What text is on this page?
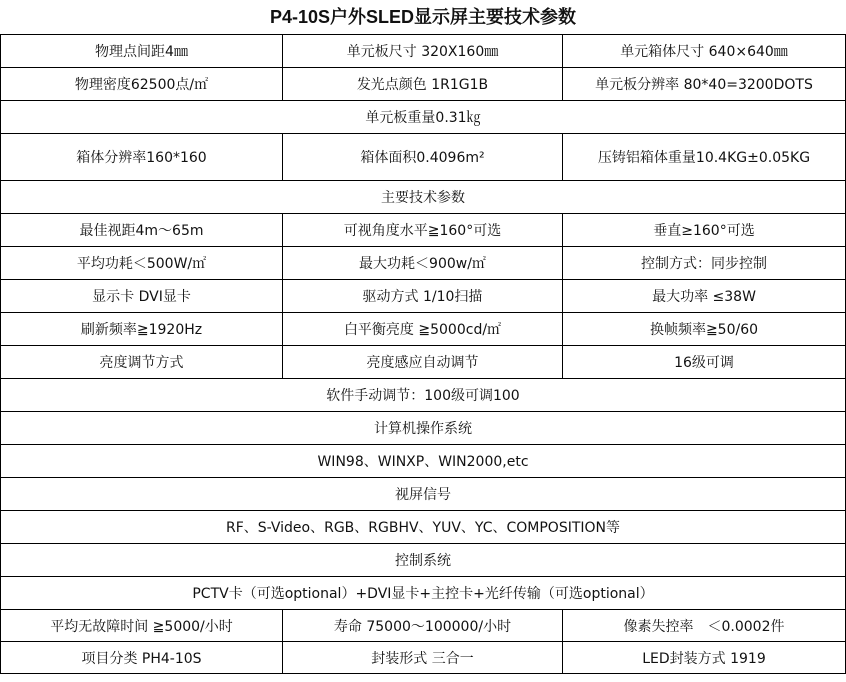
P4-10S户外SLED显示屏主要技术参数
物理点间距4㎜	单元板尺寸 320X160㎜	单元箱体尺寸 640×640㎜
物理密度62500点/㎡	发光点颜色 1R1G1B	单元板分辨率 80*40=3200DOTS
单元板重量0.31㎏		
箱体分辨率160*160	箱体面积0.4096m²	压铸铝箱体重量10.4KG±0.05KG
主要技术参数		
最佳视距4m～65m	可视角度水平≧160°可选	垂直≥160°可选
平均功耗＜500W/㎡	最大功耗＜900w/㎡	控制方式：同步控制
显示卡 DVI显卡	驱动方式 1/10扫描	最大功率 ≤38W
刷新频率≧1920Hz	白平衡亮度 ≧5000cd/㎡	换帧频率≧50/60
亮度调节方式	亮度感应自动调节	16级可调
软件手动调节：100级可调100		
计算机操作系统		
WIN98、WINXP、WIN2000,etc		
视屏信号		
RF、S-Video、RGB、RGBHV、YUV、YC、COMPOSITION等		
控制系统		
PCTV卡（可选optional）+DVI显卡+主控卡+光纤传输（可选optional）		
平均无故障时间 ≧5000/小时	寿命 75000～100000/小时	像素失控率　＜0.0002件
项目分类 PH4-10S	封装形式 三合一	LED封装方式 1919
